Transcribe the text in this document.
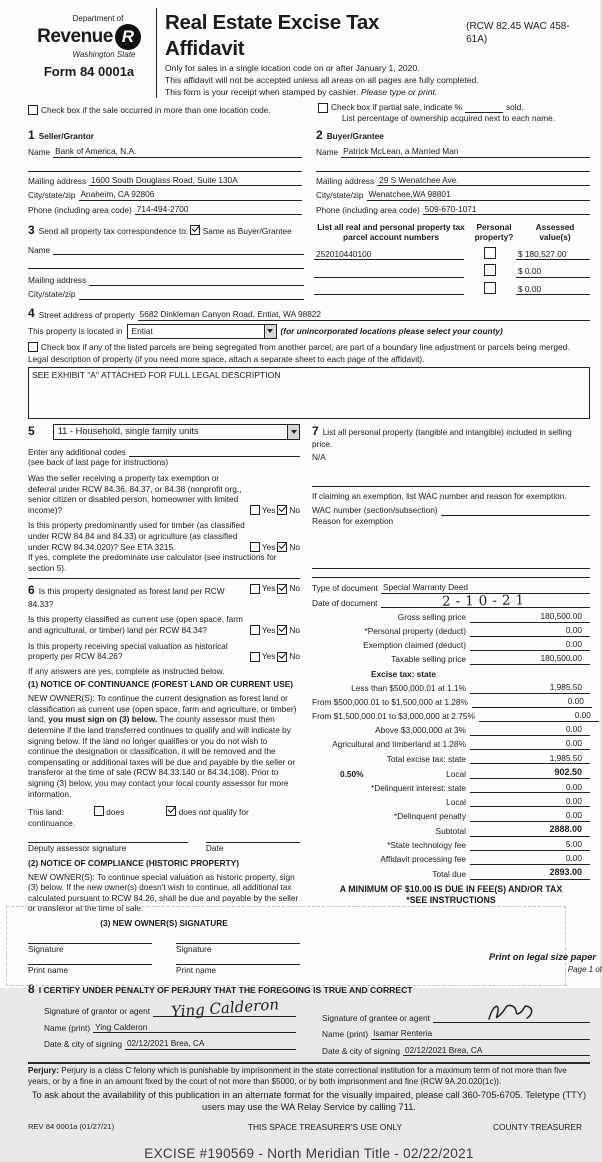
Department of
Revenue R
Washington State
Form 84 0001a
Real Estate Excise Tax Affidavit
(RCW 82.45 WAC 458-61A)
Only for sales in a single location code on or after January 1, 2020.
This affidavit will not be accepted unless all areas on all pages are fully completed.
This form is your receipt when stamped by cashier. Please type or print.
Check box if the sale occurred in more than one location code.	Check box if partial sale, indicate %	sold.
List percentage of ownership acquired next to each name.
1 Seller/Grantor
Name Bank of America, N.A.
Mailing address 1600 South Douglass Road, Suite 130A
City/state/zip Anaheim, CA 92806
Phone (including area code) 714-494-2700
2 Buyer/Grantee
Name Patrick McLean, a Married Man
Mailing address 29 S Wenatchee Ave.
City/state/zip Wenatchee,WA 98801
Phone (including area code) 509-670-1071
3 Send all property tax correspondence to: Same as Buyer/Grantee
Name
Mailing address
City/state/zip
List all real and personal property tax parcel account numbers
Personal property?
Assessed value(s)
252010440100	$ 180,527.00
$ 0.00
$ 0.00
4 Street address of property 5682 Dinkleman Canyon Road, Entiat, WA 98822
This property is located in	Entiat	(for unincorporated locations please select your county)
Check box if any of the listed parcels are being segregated from another parcel, are part of a boundary line adjustment or parcels being merged.
Legal description of property (if you need more space, attach a separate sheet to each page of the affidavit).
SEE EXHIBIT "A" ATTACHED FOR FULL LEGAL DESCRIPTION
5	11 - Household, single family units
Enter any additional codes
(see back of last page for instructions)
Was the seller receiving a property tax exemption or deferral under RCW 84.36, 84.37, or 84.38 (nonprofit org., senior citizen or disabled person, homeowner with limited income)?	Yes No
Is this property predominantly used for timber (as classified under RCW 84.84 and 84.33) or agriculture (as classified under RCW 84.34.020)? See ETA 3215.	Yes No
If yes, complete the predominate use calculator (see instructions for section 5).
6 Is this property designated as forest land per RCW 84.33?
Yes No
Is this property classified as current use (open space, farm and agricultural, or timber) land per RCW 84.34?	Yes No
Is this property receiving special valuation as historical property per RCW 84.26?	Yes No
If any answers are yes, complete as instructed below.
(1) NOTICE OF CONTINUANCE (FOREST LAND OR CURRENT USE)
NEW OWNER(S): To continue the current designation as forest land or classification as current use (open space, farm and agriculture, or timber) land, you must sign on (3) below. The county assessor must then determine if the land transferred continues to qualify and will indicate by signing below. If the land no longer qualifies or you do not wish to continue the designation or classification, it will be removed and the compensating or additional taxes will be due and payable by the seller or transferor at the time of sale (RCW 84.33.140 or 84.34.108). Prior to signing (3) below, you may contact your local county assessor for more information.
This land:	does	does not qualify for
continuance.
Deputy assessor signature	Date
(2) NOTICE OF COMPLIANCE (HISTORIC PROPERTY)
NEW OWNER(S): To continue special valuation as historic property, sign (3) below. If the new owner(s) doesn't wish to continue, all additional tax calculated pursuant to RCW 84.26, shall be due and payable by the seller or transferor at the time of sale.
(3) NEW OWNER(S) SIGNATURE
Signature	Signature
Print name	Print name
7 List all personal property (tangible and intangible) included in selling price.
N/A
If claiming an exemption, list WAC number and reason for exemption.
WAC number (section/subsection)
Reason for exemption
Type of document Special Warranty Deed
Date of document	2-10-21
Gross selling price	180,500.00
*Personal property (deduct)	0.00
Exemption claimed (deduct)	0.00
Taxable selling price	180,500.00
Excise tax: state
Less than $500,000.01 at 1.1%	1,985.50
From $500,000.01 to $1,500,000 at 1.28%	0.00
From $1,500,000.01 to $3,000,000 at 2.75%	0.00
Above $3,000,000 at 3%	0.00
Agricultural and timberland at 1.28%	0.00
Total excise tax: state	1,985.50
0.50%	Local	902.50
*Delinquent interest: state	0.00
Local	0.00
*Delinquent penalty	0.00
Subtotal	2888.00
*State technology fee	5.00
Affidavit processing fee	0.00
Total due	2893.00
A MINIMUM OF $10.00 IS DUE IN FEE(S) AND/OR TAX
*SEE INSTRUCTIONS
8 I CERTIFY UNDER PENALTY OF PERJURY THAT THE FOREGOING IS TRUE AND CORRECT
Signature of grantor or agent	Ying Calderon
Name (print) Ying Calderon
Date & city of signing 02/12/2021 Brea, CA
Signature of grantee or agent
Name (print) Isamar Renteria
Date & city of signing 02/12/2021 Brea, CA
Perjury: Perjury is a class C felony which is punishable by imprisonment in the state correctional institution for a maximum term of not more than five years, or by a fine in an amount fixed by the court of not more than $5000, or by both imprisonment and fine (RCW 9A.20.020(1c)).
To ask about the availability of this publication in an alternate format for the visually impaired, please call 360-705-6705. Teletype (TTY) users may use the WA Relay Service by calling 711.
REV 84 0001a (01/27/21)	THIS SPACE TREASURER'S USE ONLY	COUNTY TREASURER
EXCISE #190569 - North Meridian Title - 02/22/2021
Print on legal size paper
Page 1 of
